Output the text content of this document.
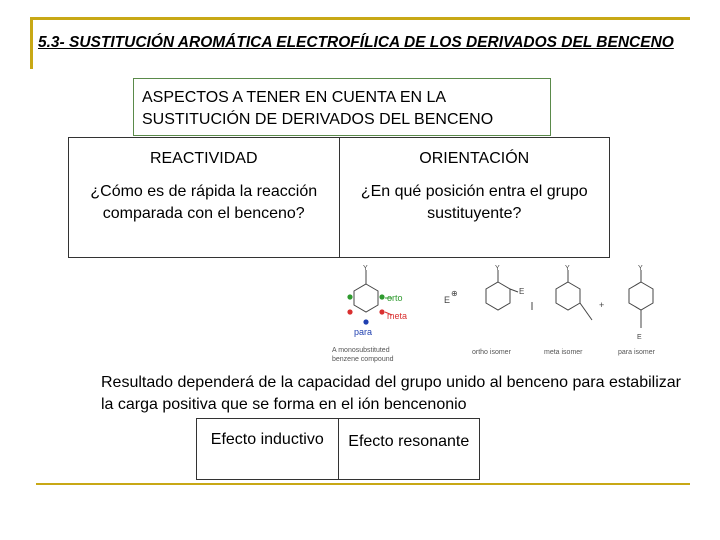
5.3- SUSTITUCIÓN AROMÁTICA ELECTROFÍLICA DE LOS DERIVADOS DEL BENCENO
ASPECTOS A TENER EN CUENTA EN LA SUSTITUCIÓN DE DERIVADOS DEL BENCENO
REACTIVIDAD
¿Cómo es de rápida la reacción comparada con el benceno?
ORIENTACIÓN
¿En qué posición entra el grupo sustituyente?
Y
orto
meta
para
A monosubstituted
benzene compound
E
⊕
Y
E
ortho isomer
Y
meta isomer
+
Y
E
para isomer
Resultado dependerá de la capacidad del grupo unido al benceno para estabilizar la carga positiva que se forma en el ión bencenonio
Efecto inductivo	Efecto resonante
